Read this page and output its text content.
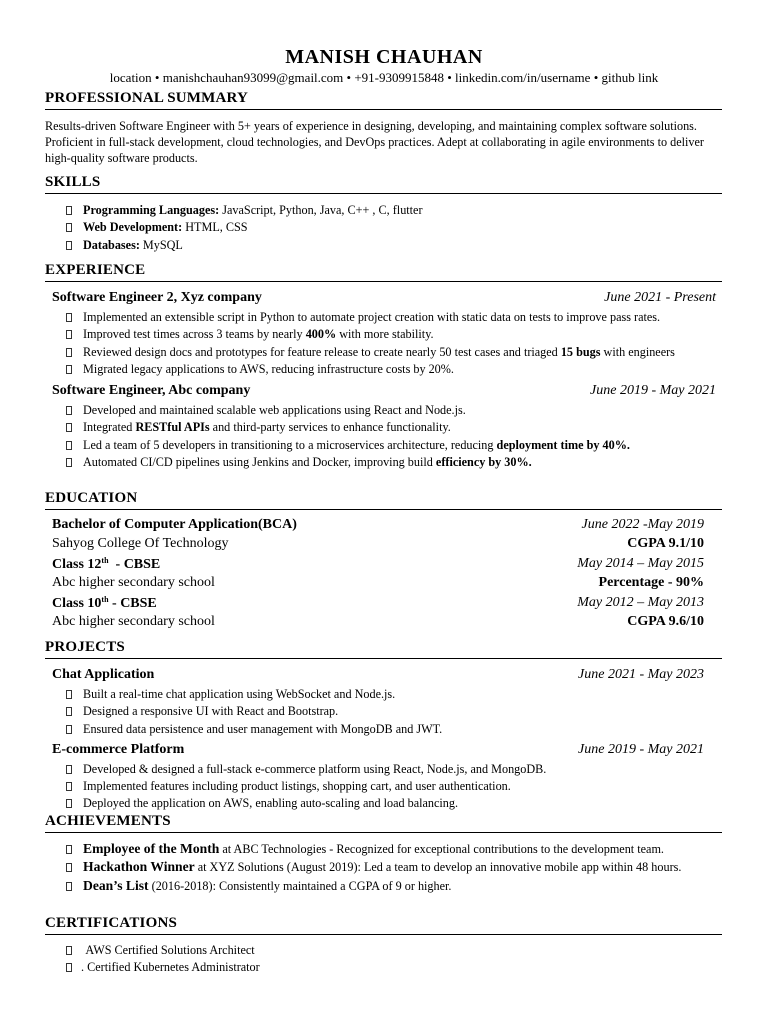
MANISH CHAUHAN
location • manishchauhan93099@gmail.com • +91-9309915848 • linkedin.com/in/username • github link
PROFESSIONAL SUMMARY
Results-driven Software Engineer with 5+ years of experience in designing, developing, and maintaining complex software solutions. Proficient in full-stack development, cloud technologies, and DevOps practices. Adept at collaborating in agile environments to deliver high-quality software products.
SKILLS
Programming Languages: JavaScript, Python, Java, C++ , C, flutter
Web Development: HTML, CSS
Databases: MySQL
EXPERIENCE
Software Engineer 2, Xyz company	June 2021 - Present
Implemented an extensible script in Python to automate project creation with static data on tests to improve pass rates.
Improved test times across 3 teams by nearly 400% with more stability.
Reviewed design docs and prototypes for feature release to create nearly 50 test cases and triaged 15 bugs with engineers
Migrated legacy applications to AWS, reducing infrastructure costs by 20%.
Software Engineer, Abc company	June 2019 - May 2021
Developed and maintained scalable web applications using React and Node.js.
Integrated RESTful APIs and third-party services to enhance functionality.
Led a team of 5 developers in transitioning to a microservices architecture, reducing deployment time by 40%.
Automated CI/CD pipelines using Jenkins and Docker, improving build efficiency by 30%.
EDUCATION
Bachelor of Computer Application(BCA)	June 2022 -May 2019
Sahyog College Of Technology	CGPA 9.1/10
Class 12th  - CBSE	May 2014 – May 2015
Abc higher secondary school	Percentage - 90%
Class 10th - CBSE	May 2012 – May 2013
Abc higher secondary school	CGPA 9.6/10
PROJECTS
Chat Application	June 2021 - May 2023
Built a real-time chat application using WebSocket and Node.js.
Designed a responsive UI with React and Bootstrap.
Ensured data persistence and user management with MongoDB and JWT.
E-commerce Platform	June 2019 - May 2021
Developed & designed a full-stack e-commerce platform using React, Node.js, and MongoDB.
Implemented features including product listings, shopping cart, and user authentication.
Deployed the application on AWS, enabling auto-scaling and load balancing.
ACHIEVEMENTS
Employee of the Month at ABC Technologies - Recognized for exceptional contributions to the development team.
Hackathon Winner at XYZ Solutions (August 2019): Led a team to develop an innovative mobile app within 48 hours.
Dean’s List (2016-2018): Consistently maintained a CGPA of 9 or higher.
CERTIFICATIONS
AWS Certified Solutions Architect
. Certified Kubernetes Administrator
